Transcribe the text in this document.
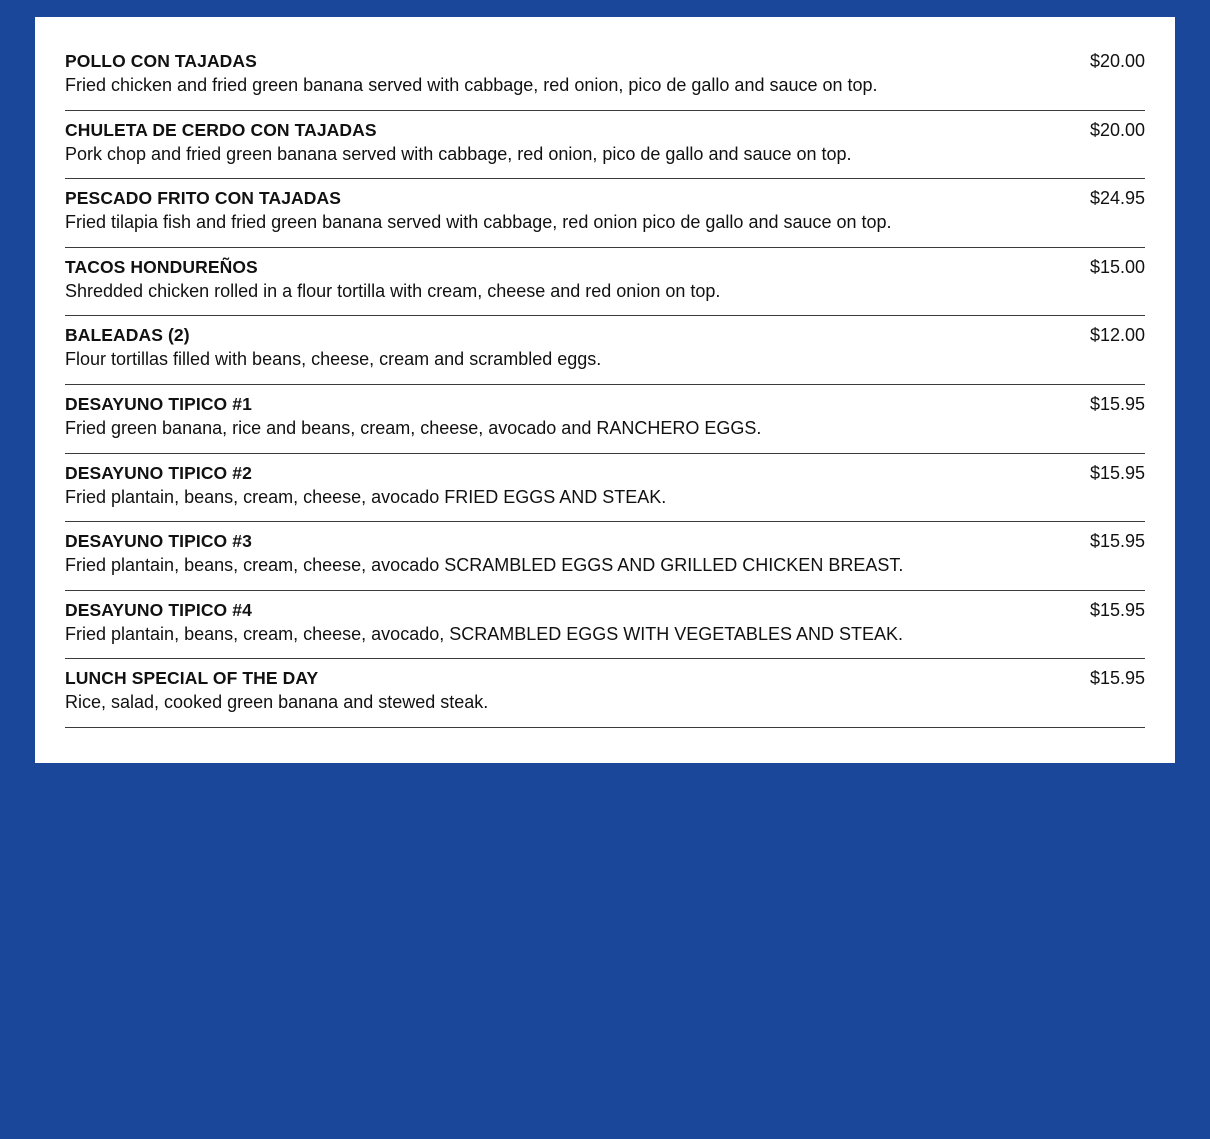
POLLO CON TAJADAS	$20.00
Fried chicken and fried green banana served with cabbage, red onion, pico de gallo and sauce on top.
CHULETA DE CERDO CON TAJADAS	$20.00
Pork chop and fried green banana served with cabbage, red onion, pico de gallo and sauce on top.
PESCADO FRITO CON TAJADAS	$24.95
Fried tilapia fish and fried green banana served with cabbage, red onion pico de gallo and sauce on top.
TACOS HONDUREÑOS	$15.00
Shredded chicken rolled in a flour tortilla with cream, cheese and red onion on top.
BALEADAS (2)	$12.00
Flour tortillas filled with beans, cheese, cream and scrambled eggs.
DESAYUNO TIPICO #1	$15.95
Fried green banana, rice and beans, cream, cheese, avocado and RANCHERO EGGS.
DESAYUNO TIPICO #2	$15.95
Fried plantain, beans, cream, cheese, avocado FRIED EGGS AND STEAK.
DESAYUNO TIPICO #3	$15.95
Fried plantain, beans, cream, cheese, avocado SCRAMBLED EGGS AND GRILLED CHICKEN BREAST.
DESAYUNO TIPICO #4	$15.95
Fried plantain, beans, cream, cheese, avocado, SCRAMBLED EGGS WITH VEGETABLES AND STEAK.
LUNCH SPECIAL OF THE DAY	$15.95
Rice, salad, cooked green banana and stewed steak.
